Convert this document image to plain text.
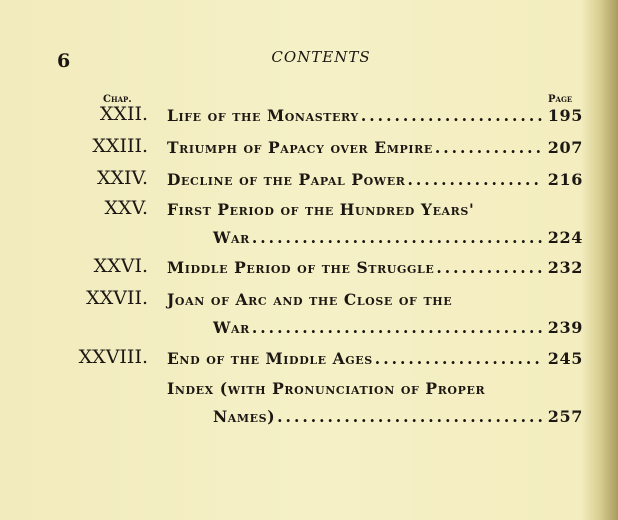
6	CONTENTS
Chap.	Page
XXII. Life of the Monastery .....	195
XXIII. Triumph of Papacy over Empire .....	207
XXIV. Decline of the Papal Power .....	216
XXV. First Period of the Hundred Years'
War .....	224
XXVI. Middle Period of the Struggle .....	232
XXVII. Joan of Arc and the Close of the
War .....	239
XXVIII. End of the Middle Ages .....	245
Index (with Pronunciation of Proper
Names) .....	257
